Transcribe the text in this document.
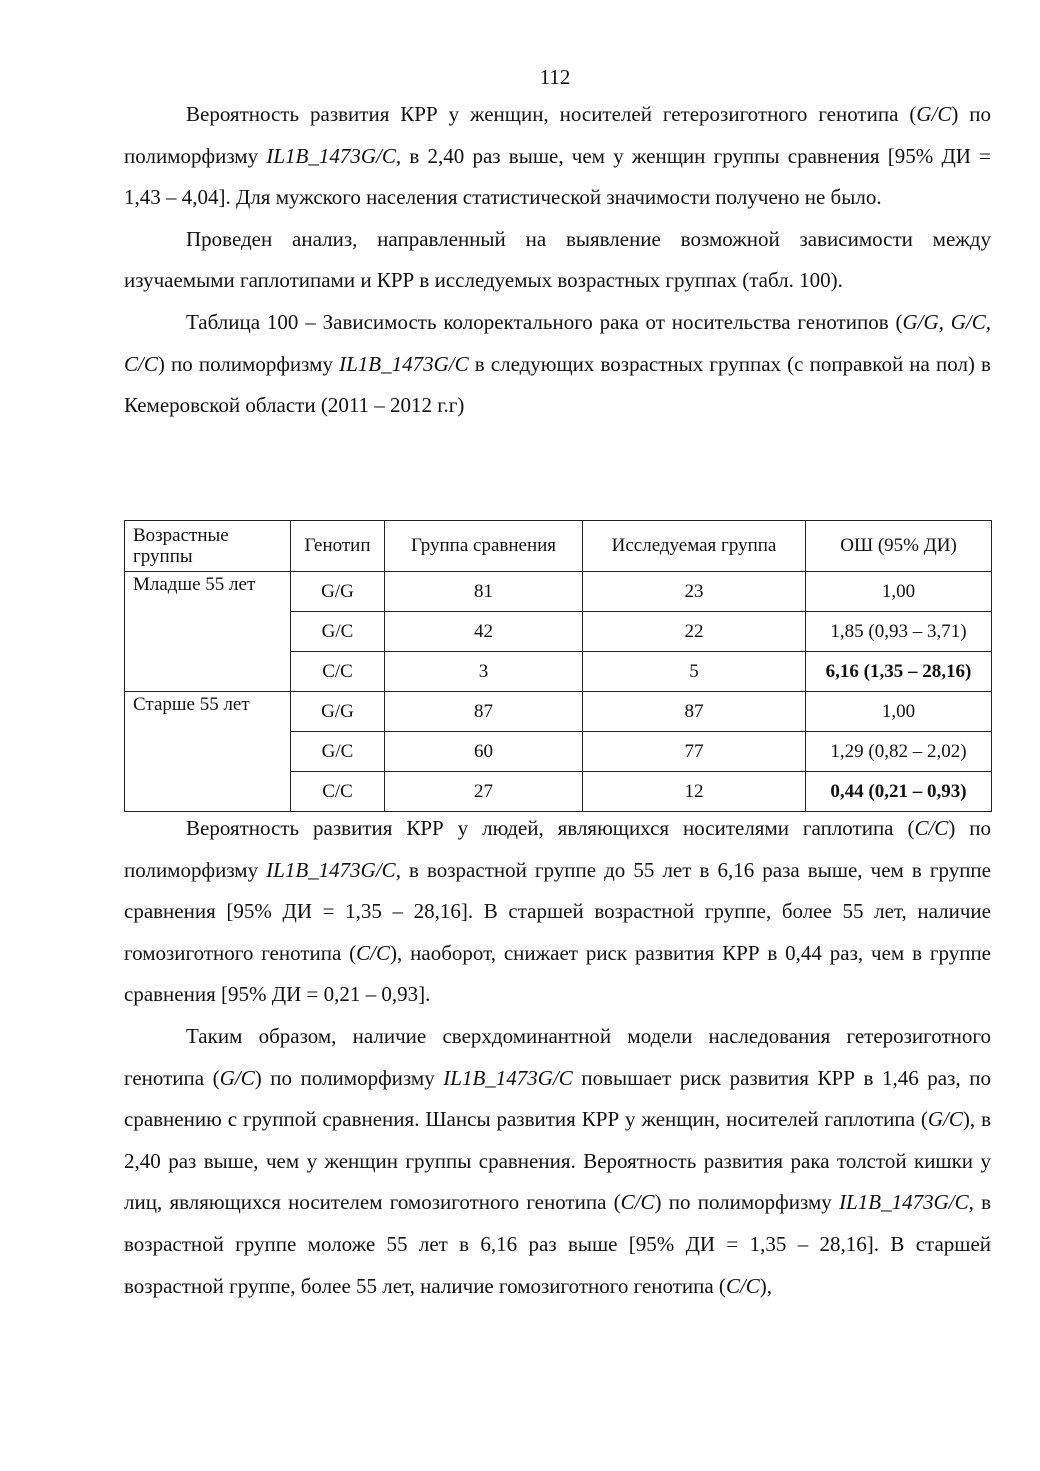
112

Вероятность развития КРР у женщин, носителей гетерозиготного генотипа (G/C) по полиморфизму IL1B_1473G/C, в 2,40 раз выше, чем у женщин группы сравнения [95% ДИ = 1,43 – 4,04]. Для мужского населения статистической значимости получено не было.

Проведен анализ, направленный на выявление возможной зависимости между изучаемыми гаплотипами и КРР в исследуемых возрастных группах (табл. 100).

Таблица 100 – Зависимость колоректального рака от носительства генотипов (G/G, G/C, C/C) по полиморфизму IL1B_1473G/C в следующих возрастных группах (с поправкой на пол) в Кемеровской области (2011 – 2012 г.г)

Возрастные группы	Генотип	Группа сравнения	Исследуемая группа	ОШ (95% ДИ)
Младше 55 лет	G/G	81	23	1,00
	G/C	42	22	1,85 (0,93 – 3,71)
	C/C	3	5	6,16 (1,35 – 28,16)
Старше 55 лет	G/G	87	87	1,00
	G/C	60	77	1,29 (0,82 – 2,02)
	C/C	27	12	0,44 (0,21 – 0,93)

Вероятность развития КРР у людей, являющихся носителями гаплотипа (C/C) по полиморфизму IL1B_1473G/C, в возрастной группе до 55 лет в 6,16 раза выше, чем в группе сравнения [95% ДИ = 1,35 – 28,16]. В старшей возрастной группе, более 55 лет, наличие гомозиготного генотипа (C/C), наоборот, снижает риск развития КРР в 0,44 раз, чем в группе сравнения [95% ДИ = 0,21 – 0,93].

Таким образом, наличие сверхдоминантной модели наследования гетерозиготного генотипа (G/C) по полиморфизму IL1B_1473G/C повышает риск развития КРР в 1,46 раз, по сравнению с группой сравнения. Шансы развития КРР у женщин, носителей гаплотипа (G/C), в 2,40 раз выше, чем у женщин группы сравнения. Вероятность развития рака толстой кишки у лиц, являющихся носителем гомозиготного генотипа (C/C) по полиморфизму IL1B_1473G/C, в возрастной группе моложе 55 лет в 6,16 раз выше [95% ДИ = 1,35 – 28,16]. В старшей возрастной группе, более 55 лет, наличие гомозиготного генотипа (C/C),
